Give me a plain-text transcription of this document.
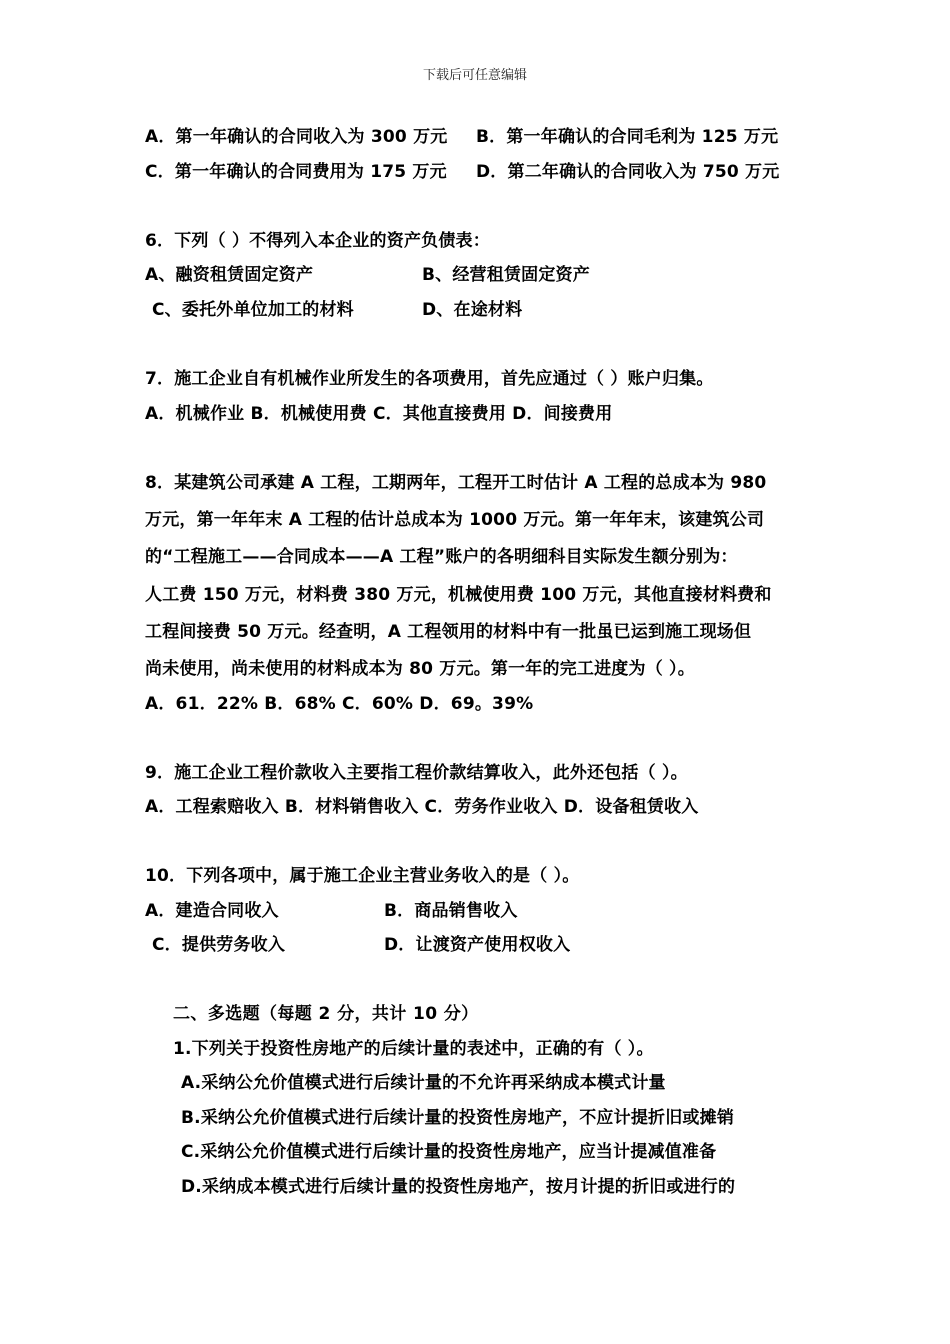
下载后可任意编辑
A．第一年确认的合同收入为 300 万元 B．第一年确认的合同毛利为 125 万元
C．第一年确认的合同费用为 175 万元 D．第二年确认的合同收入为 750 万元
6．下列（ ）不得列入本企业的资产负债表：
A、融资租赁固定资产	B、经营租赁固定资产
C、委托外单位加工的材料	D、在途材料
7．施工企业自有机械作业所发生的各项费用，首先应通过（ ）账户归集。
A．机械作业 B．机械使用费 C．其他直接费用 D．间接费用
8．某建筑公司承建 A 工程，工期两年，工程开工时估计 A 工程的总成本为 980
万元，第一年年末 A 工程的估计总成本为 1000 万元。第一年年末，该建筑公司
的“工程施工——合同成本——A 工程”账户的各明细科目实际发生额分别为：
人工费 150 万元，材料费 380 万元，机械使用费 100 万元，其他直接材料费和
工程间接费 50 万元。经查明，A 工程领用的材料中有一批虽已运到施工现场但
尚未使用，尚未使用的材料成本为 80 万元。第一年的完工进度为（ ）。
A．61．22% B．68% C．60% D．69。39%
9．施工企业工程价款收入主要指工程价款结算收入，此外还包括（ ）。
A．工程索赔收入 B．材料销售收入 C．劳务作业收入 D．设备租赁收入
10．下列各项中，属于施工企业主营业务收入的是（ ）。
A．建造合同收入	B．商品销售收入
C．提供劳务收入	D．让渡资产使用权收入
二、多选题（每题 2 分，共计 10 分）
1.下列关于投资性房地产的后续计量的表述中，正确的有（ ）。
A.采纳公允价值模式进行后续计量的不允许再采纳成本模式计量
B.采纳公允价值模式进行后续计量的投资性房地产，不应计提折旧或摊销
C.采纳公允价值模式进行后续计量的投资性房地产，应当计提减值准备
D.采纳成本模式进行后续计量的投资性房地产，按月计提的折旧或进行的
